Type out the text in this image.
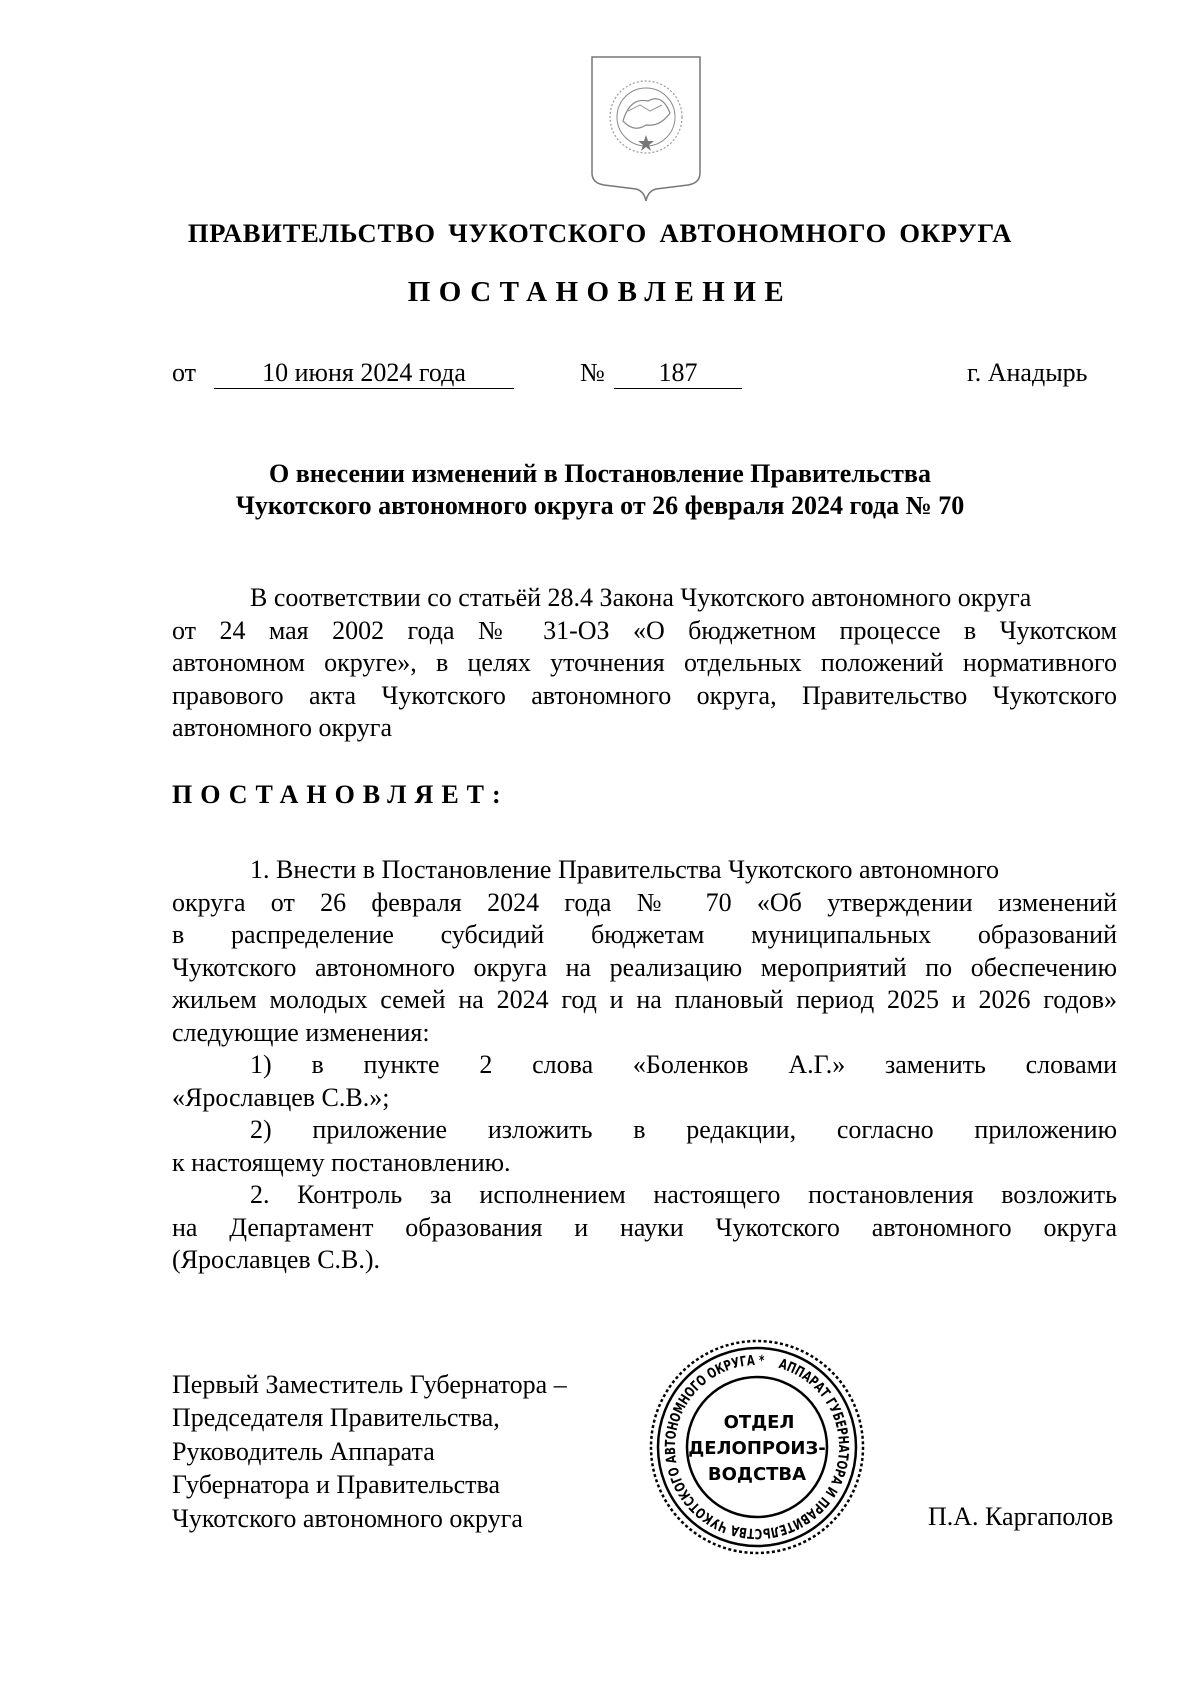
ПРАВИТЕЛЬСТВО ЧУКОТСКОГО АВТОНОМНОГО ОКРУГА
ПОСТАНОВЛЕНИЕ
от	10 июня 2024 года	№	187	г. Анадырь
О внесении изменений в Постановление Правительства
Чукотского автономного округа от 26 февраля 2024 года № 70
В соответствии со статьёй 28.4 Закона Чукотского автономного округа
от 24 мая 2002 года № 31-ОЗ «О бюджетном процессе в Чукотском
автономном округе», в целях уточнения отдельных положений нормативного
правового акта Чукотского автономного округа, Правительство Чукотского
автономного округа
ПОСТАНОВЛЯЕТ:
1. Внести в Постановление Правительства Чукотского автономного
округа от 26 февраля 2024 года № 70 «Об утверждении изменений
в распределение субсидий бюджетам муниципальных образований
Чукотского автономного округа на реализацию мероприятий по обеспечению
жильем молодых семей на 2024 год и на плановый период 2025 и 2026 годов»
следующие изменения:
1) в пункте 2 слова «Боленков А.Г.» заменить словами
«Ярославцев С.В.»;
2) приложение изложить в редакции, согласно приложению
к настоящему постановлению.
2. Контроль за исполнением настоящего постановления возложить
на Департамент образования и науки Чукотского автономного округа
(Ярославцев С.В.).
Первый Заместитель Губернатора –
Председателя Правительства,
Руководитель Аппарата
Губернатора и Правительства
Чукотского автономного округа
АППАРАТ ГУБЕРНАТОРА И ПРАВИТЕЛЬСТВА ЧУКОТСКОГО АВТОНОМНОГО ОКРУГА *
ОТДЕЛ
ДЕЛОПРОИЗ-
ВОДСТВА
П.А. Каргаполов
